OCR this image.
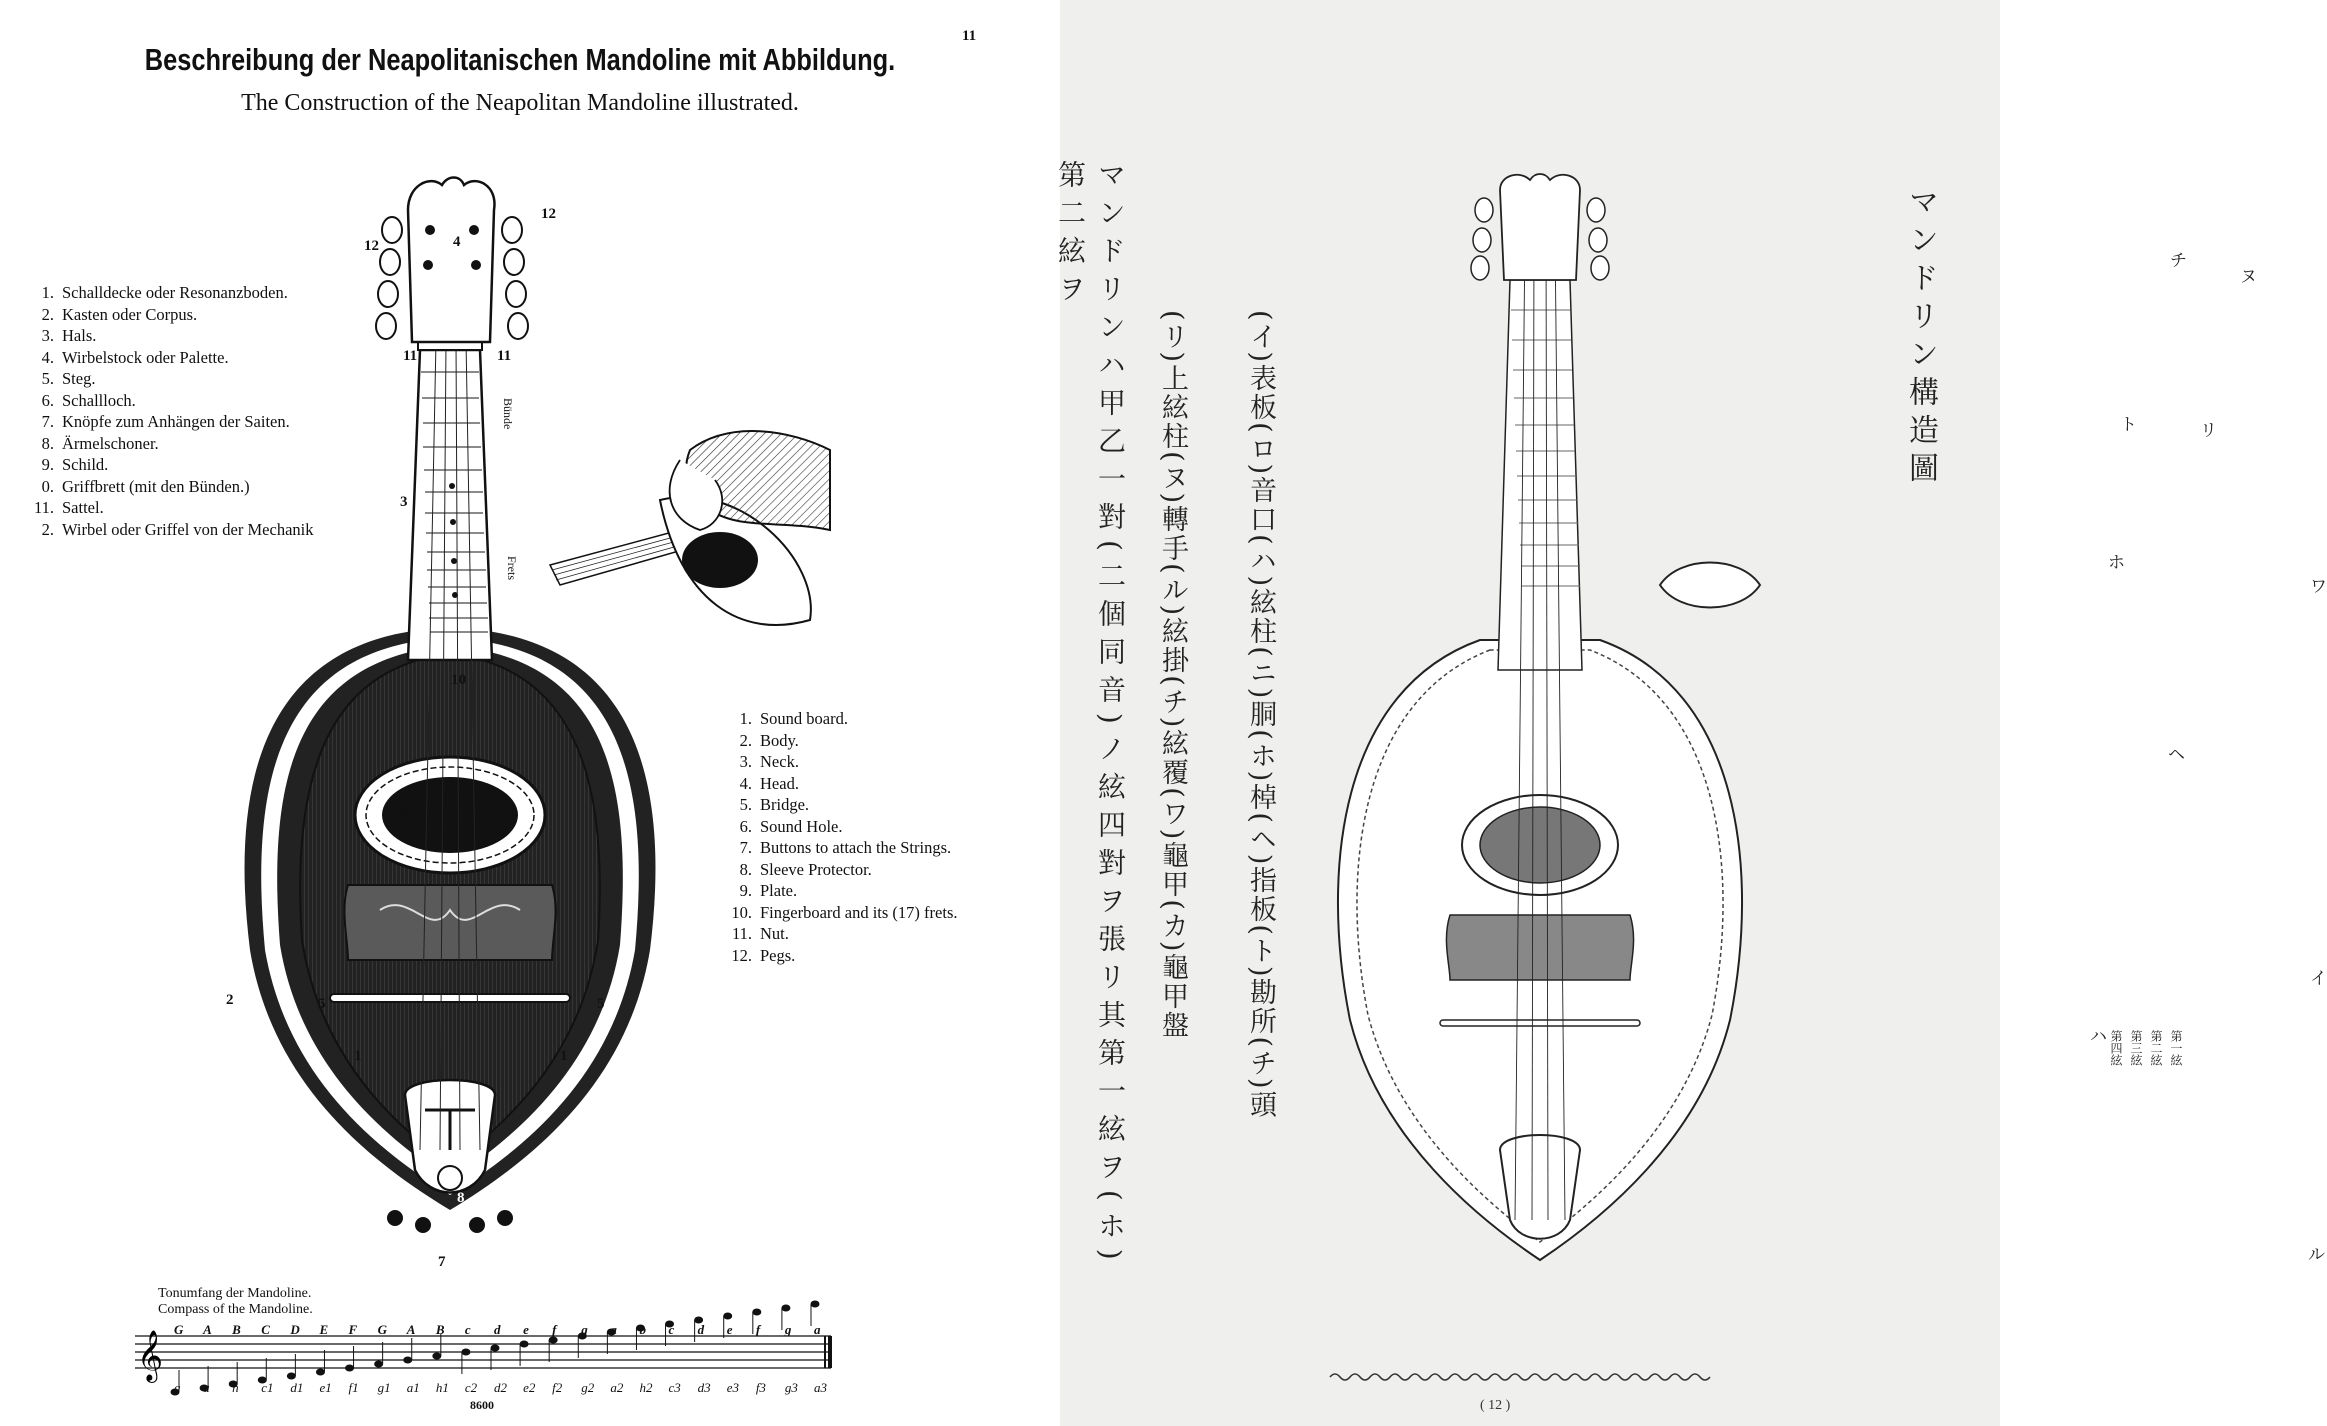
11
Beschreibung der Neapolitanischen Mandoline mit Abbildung.
The Construction of the Neapolitan Mandoline illustrated.
1. Schalldecke oder Resonanzboden.
2. Kasten oder Corpus.
3. Hals.
4. Wirbelstock oder Palette.
5. Steg.
6. Schallloch.
7. Knöpfe zum Anhängen der Saiten.
8. Ärmelschoner.
9. Schild.
0. Griffbrett (mit den Bünden.)
11. Sattel.
2. Wirbel oder Griffel von der Mechanik
1. Sound board.
2. Body.
3. Neck.
4. Head.
5. Bridge.
6. Sound Hole.
7. Buttons to attach the Strings.
8. Sleeve Protector.
9. Plate.
10. Fingerboard and its (17) frets.
11. Nut.
12. Pegs.
12
12
4
11	11
3
10
6	6
5	5
2
1	1
8
7
Bünde
Frets
Tonumfang der Mandoline.
Compass of the Mandoline.
𝄞
G A B C D E F G A B c d e f g a b c d e f g a
g a h c1 d1 e1 f1 g1 a1 h1 c2 d2 e2 f2 g2 a2 h2 c3 d3 e3 f3 g3 a3
8600
マンドリン構造圖
(イ)表板(ロ)音口(ハ)絃柱(ニ)胴(ホ)棹(ヘ)指板(ト)勘所(チ)頭
(リ)上絃柱(ヌ)轉手(ル)絃掛(チ)絃覆(ワ)龜甲(カ)龜甲盤
マンドリンハ甲乙一對(二個同音)ノ絃四對ヲ張リ其第一絃ヲ(ホ)第二絃ヲ	チ
ヌ
リ
ト
ホ
ワ
ヘ
ロ
イ
ハ
ル
第四絃 第三絃 第二絃 第一絃
( 12 )
